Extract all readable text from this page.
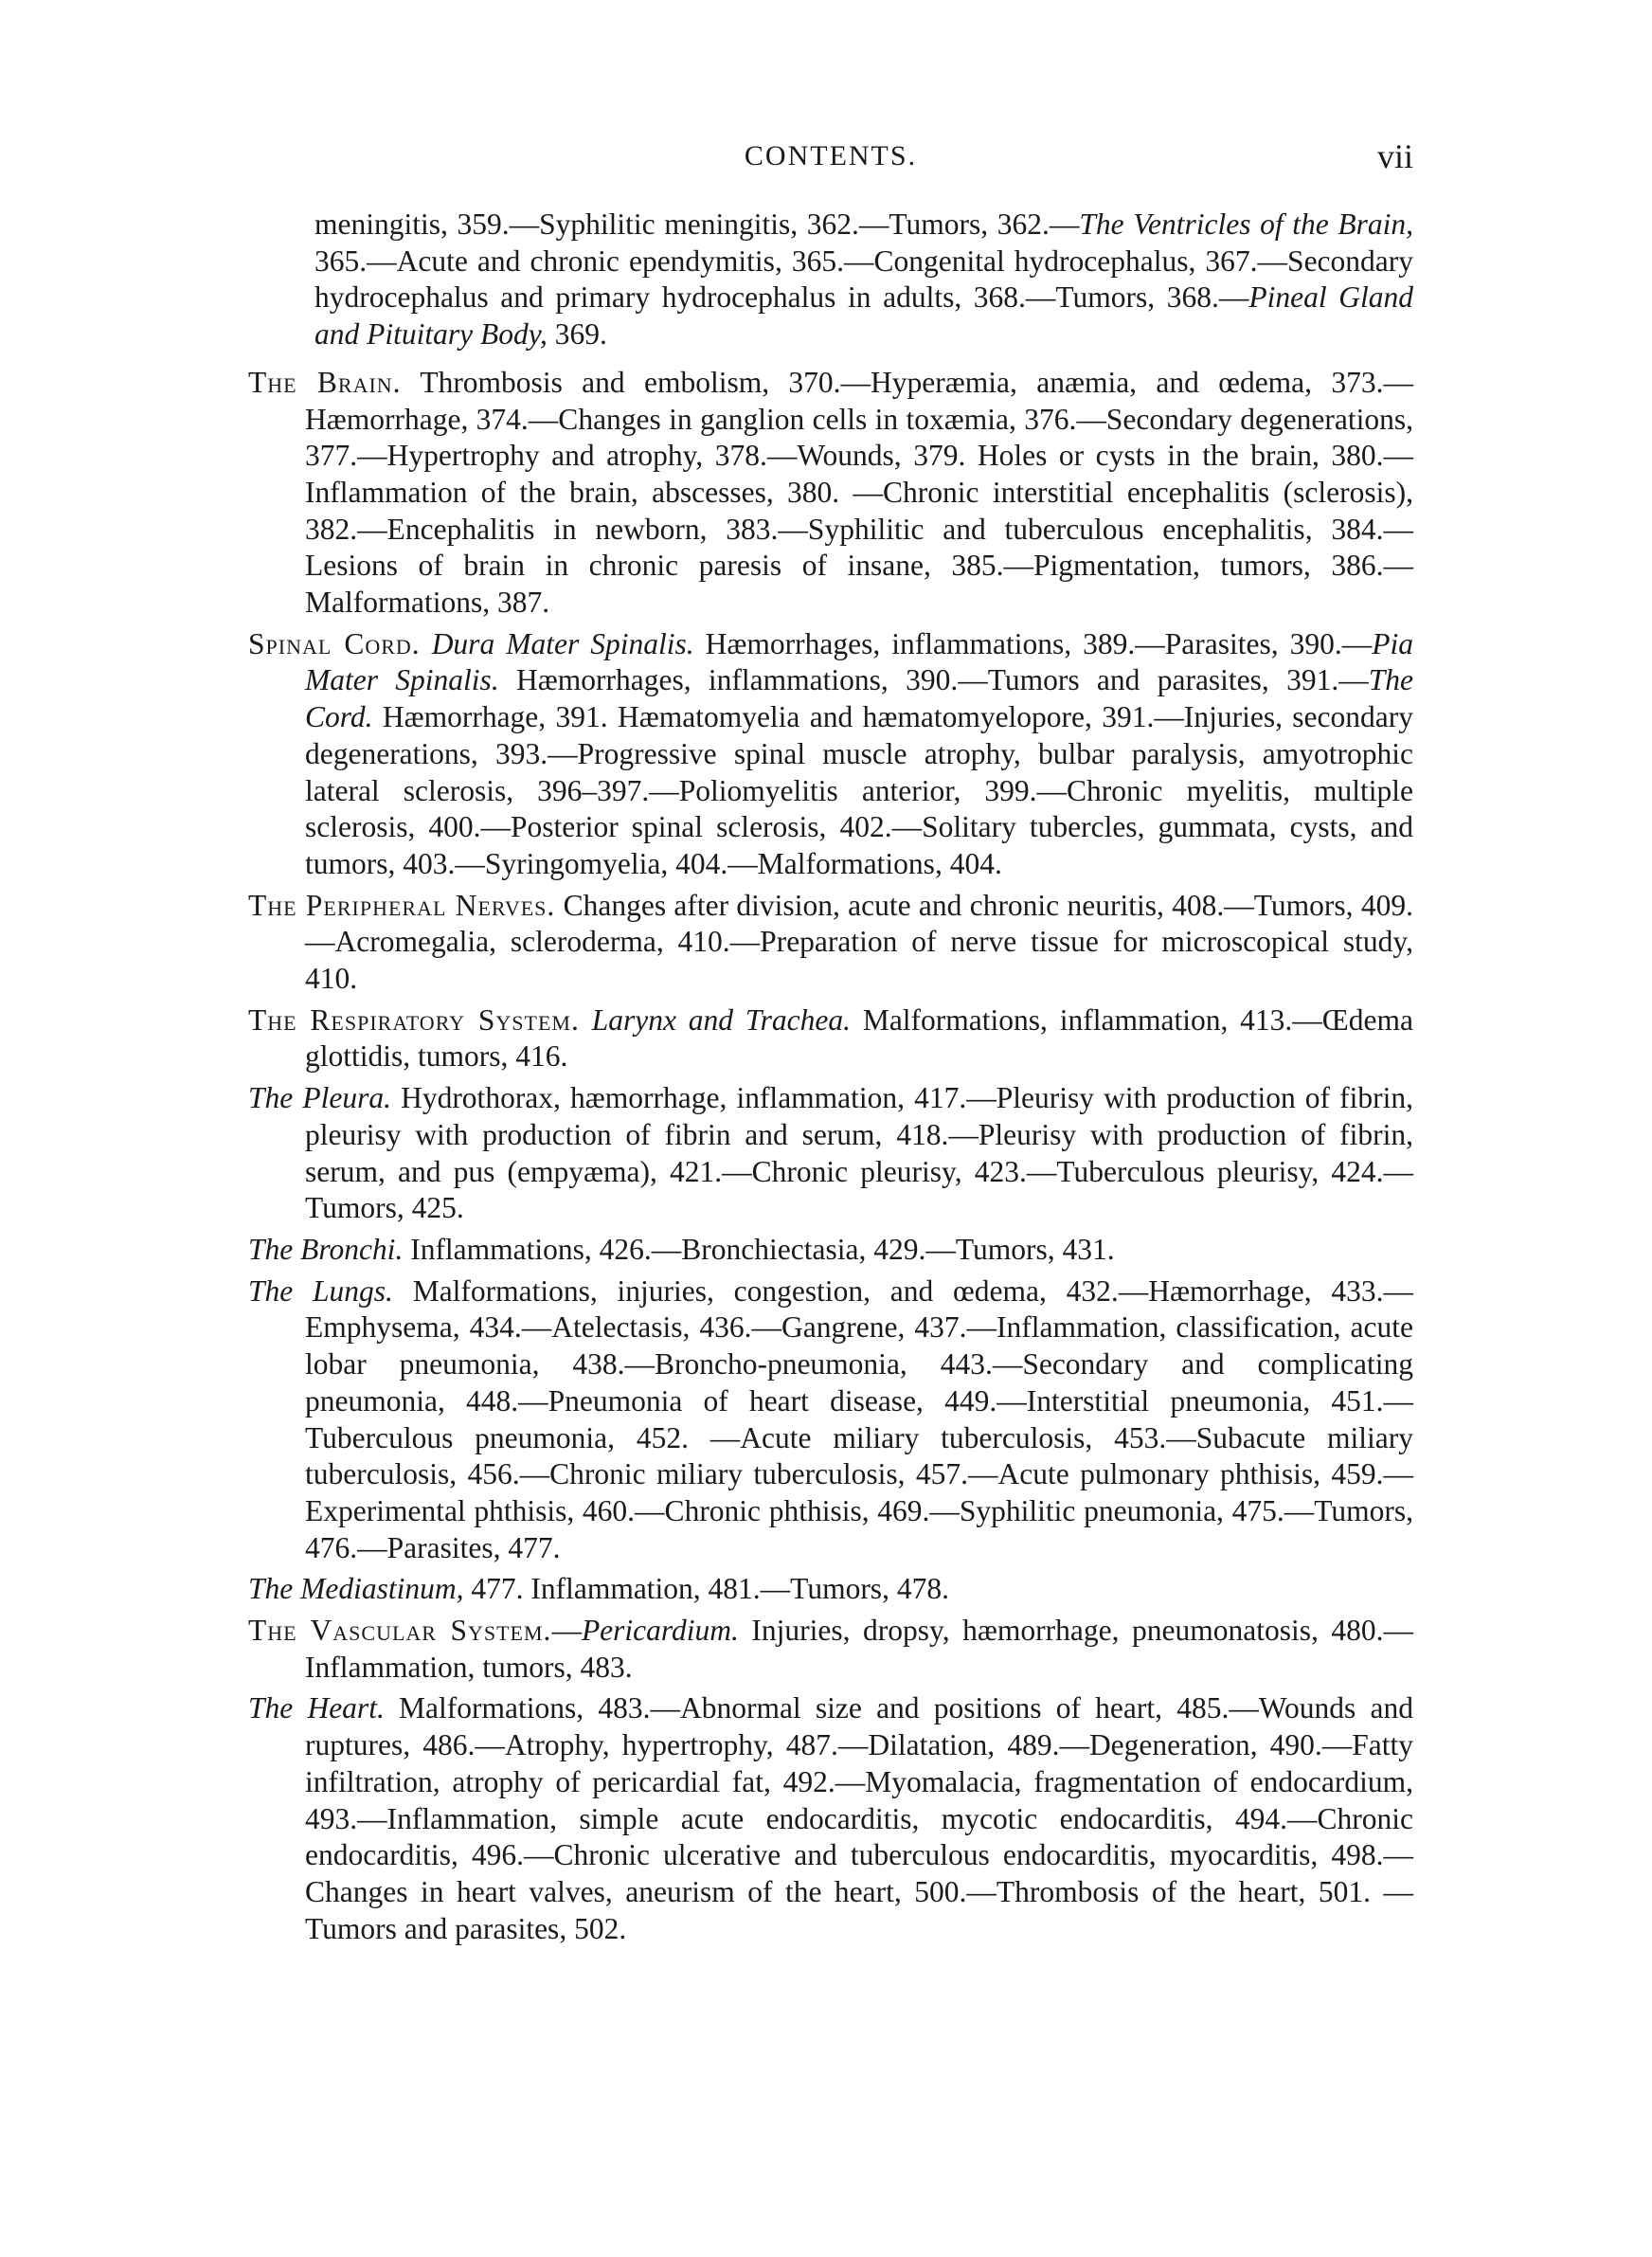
CONTENTS.	vii

meningitis, 359.—Syphilitic meningitis, 362.—Tumors, 362.—The Ventricles of the Brain, 365.—Acute and chronic ependymitis, 365.—Congenital hydrocephalus, 367.—Secondary hydrocephalus and primary hydrocephalus in adults, 368.—Tumors, 368.—Pineal Gland and Pituitary Body, 369.

The Brain. Thrombosis and embolism, 370.—Hyperæmia, anæmia, and œdema, 373.—Hæmorrhage, 374.—Changes in ganglion cells in toxæmia, 376.—Secondary degenerations, 377.—Hypertrophy and atrophy, 378.—Wounds, 379. Holes or cysts in the brain, 380.—Inflammation of the brain, abscesses, 380. —Chronic interstitial encephalitis (sclerosis), 382.—Encephalitis in newborn, 383.—Syphilitic and tuberculous encephalitis, 384.—Lesions of brain in chronic paresis of insane, 385.—Pigmentation, tumors, 386.—Malformations, 387.

Spinal Cord. Dura Mater Spinalis. Hæmorrhages, inflammations, 389.—Parasites, 390.—Pia Mater Spinalis. Hæmorrhages, inflammations, 390.—Tumors and parasites, 391.—The Cord. Hæmorrhage, 391. Hæmatomyelia and hæmatomyelopore, 391.—Injuries, secondary degenerations, 393.—Progressive spinal muscle atrophy, bulbar paralysis, amyotrophic lateral sclerosis, 396–397.—Poliomyelitis anterior, 399.—Chronic myelitis, multiple sclerosis, 400.—Posterior spinal sclerosis, 402.—Solitary tubercles, gummata, cysts, and tumors, 403.—Syringomyelia, 404.—Malformations, 404.

The Peripheral Nerves. Changes after division, acute and chronic neuritis, 408.—Tumors, 409.—Acromegalia, scleroderma, 410.—Preparation of nerve tissue for microscopical study, 410.

The Respiratory System. Larynx and Trachea. Malformations, inflammation, 413.—Œdema glottidis, tumors, 416.

The Pleura. Hydrothorax, hæmorrhage, inflammation, 417.—Pleurisy with production of fibrin, pleurisy with production of fibrin and serum, 418.—Pleurisy with production of fibrin, serum, and pus (empyæma), 421.—Chronic pleurisy, 423.—Tuberculous pleurisy, 424.—Tumors, 425.

The Bronchi. Inflammations, 426.—Bronchiectasia, 429.—Tumors, 431.

The Lungs. Malformations, injuries, congestion, and œdema, 432.—Hæmorrhage, 433.—Emphysema, 434.—Atelectasis, 436.—Gangrene, 437.—Inflammation, classification, acute lobar pneumonia, 438.—Broncho-pneumonia, 443.—Secondary and complicating pneumonia, 448.—Pneumonia of heart disease, 449.—Interstitial pneumonia, 451.—Tuberculous pneumonia, 452. —Acute miliary tuberculosis, 453.—Subacute miliary tuberculosis, 456.—Chronic miliary tuberculosis, 457.—Acute pulmonary phthisis, 459.—Experimental phthisis, 460.—Chronic phthisis, 469.—Syphilitic pneumonia, 475.—Tumors, 476.—Parasites, 477.

The Mediastinum, 477. Inflammation, 481.—Tumors, 478.

The Vascular System.—Pericardium. Injuries, dropsy, hæmorrhage, pneumonatosis, 480.—Inflammation, tumors, 483.

The Heart. Malformations, 483.—Abnormal size and positions of heart, 485.—Wounds and ruptures, 486.—Atrophy, hypertrophy, 487.—Dilatation, 489.—Degeneration, 490.—Fatty infiltration, atrophy of pericardial fat, 492.—Myomalacia, fragmentation of endocardium, 493.—Inflammation, simple acute endocarditis, mycotic endocarditis, 494.—Chronic endocarditis, 496.—Chronic ulcerative and tuberculous endocarditis, myocarditis, 498.—Changes in heart valves, aneurism of the heart, 500.—Thrombosis of the heart, 501. —Tumors and parasites, 502.
